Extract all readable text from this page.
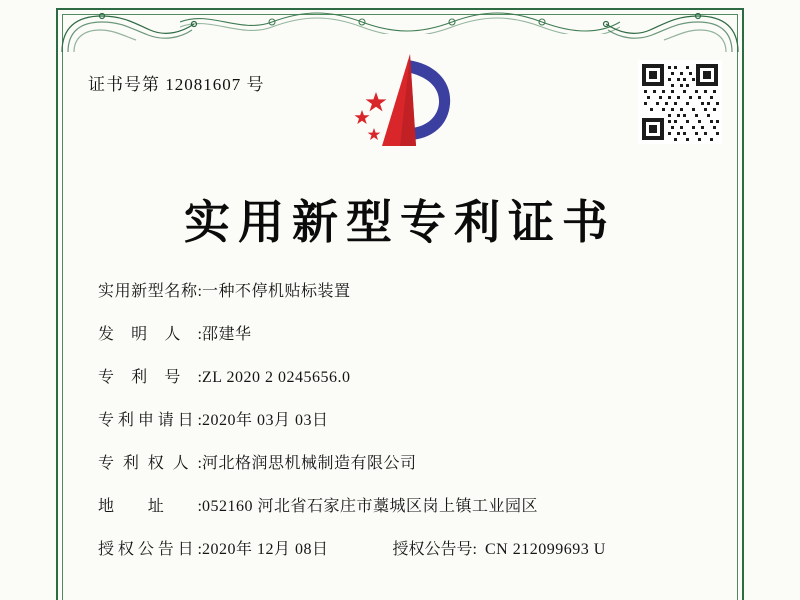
证书号第 12081607 号
实用新型专利证书
实用新型名称: 一种不停机贴标装置
发明人: 邵建华
专利号: ZL 2020 2 0245656.0
专利申请日: 2020年 03月 03日
专利权人: 河北格润思机械制造有限公司
地址: 052160 河北省石家庄市藁城区岗上镇工业园区
授权公告日: 2020年 12月 08日	授权公告号: CN 212099693 U
